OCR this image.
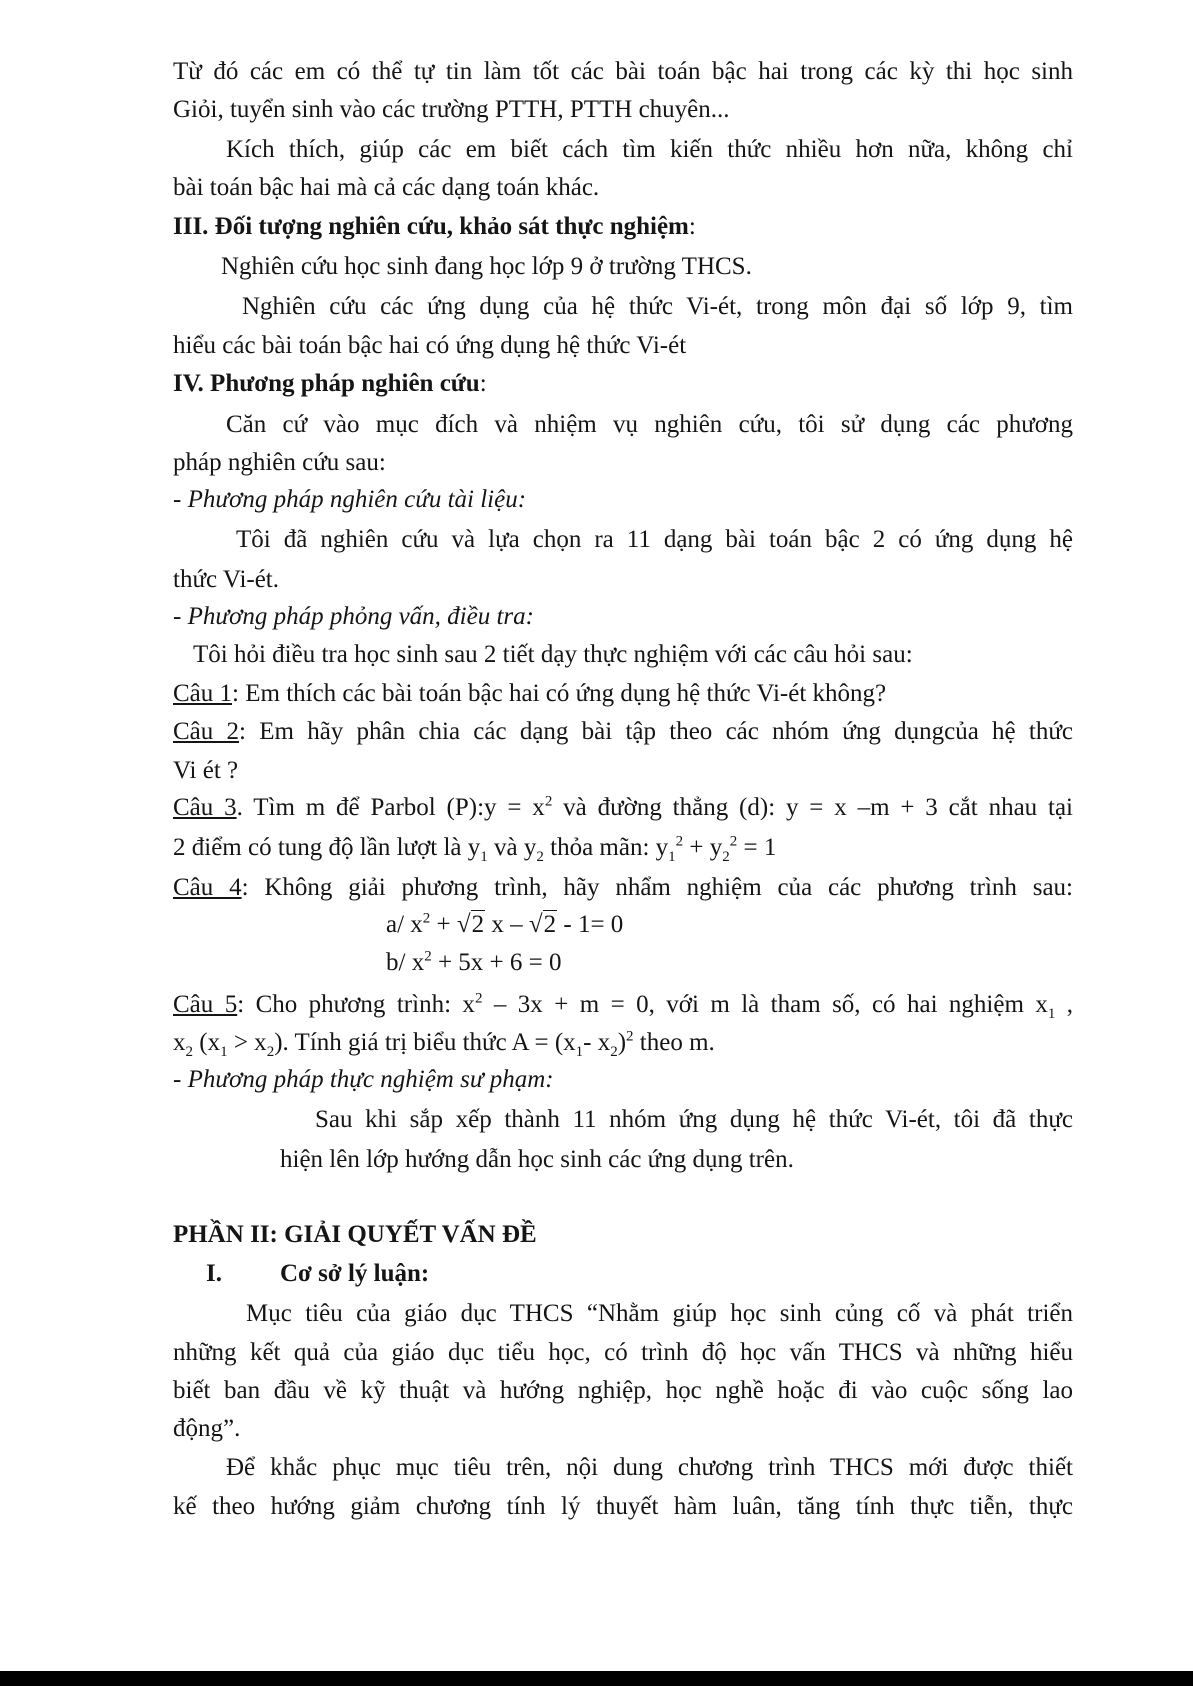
Từ đó các em có thể tự tin làm tốt các bài toán bậc hai trong các kỳ thi học sinh
Giỏi, tuyển sinh vào các trường PTTH, PTTH chuyên...
Kích thích, giúp các em biết cách tìm kiến thức nhiều hơn nữa, không chỉ
bài toán bậc hai mà cả các dạng toán khác.
III. Đối tượng nghiên cứu, khảo sát thực nghiệm:
Nghiên cứu học sinh đang học lớp 9 ở trường THCS.
Nghiên cứu các ứng dụng của hệ thức Vi-ét, trong môn đại số lớp 9, tìm
hiểu các bài toán bậc hai có ứng dụng hệ thức Vi-ét
IV. Phương pháp nghiên cứu:
Căn cứ vào mục đích và nhiệm vụ nghiên cứu, tôi sử dụng các phương
pháp nghiên cứu sau:
- Phương pháp nghiên cứu tài liệu:
Tôi đã nghiên cứu và lựa chọn ra 11 dạng bài toán bậc 2 có ứng dụng hệ
thức Vi-ét.
- Phương pháp phỏng vấn, điều tra:
Tôi hỏi điều tra học sinh sau 2 tiết dạy thực nghiệm với các câu hỏi sau:
Câu 1: Em thích các bài toán bậc hai có ứng dụng hệ thức Vi-ét không?
Câu 2: Em hãy phân chia các dạng bài tập theo các nhóm ứng dụngcủa hệ thức
Vi ét ?
Câu 3. Tìm m để Parbol (P):y = $x^2$ và đường thẳng (d): y = x –m + 3 cắt nhau tại
2 điểm có tung độ lần lượt là $y_1$ và $y_2$ thỏa mãn: $y_1^2 + y_2^2 = 1$
Câu 4: Không giải phương trình, hãy nhẩm nghiệm của các phương trình sau:
a/ $x^2 + √2$ x – √2 - 1= 0
b/ $x^2 + 5x + 6 = 0$
Câu 5: Cho phương trình: $x^2 - 3x + m = 0$, với m là tham số, có hai nghiệm $x_1$ ,
$x_2$ $(x_1 > x_2)$. Tính giá trị biểu thức $A = (x_1-$ $x_2)^2$ theo m.
- Phương pháp thực nghiệm sư phạm:
Sau khi sắp xếp thành 11 nhóm ứng dụng hệ thức Vi-ét, tôi đã thực
hiện lên lớp hướng dẫn học sinh các ứng dụng trên.
PHẦN II: GIẢI QUYẾT VẤN ĐỀ
I. Cơ sở lý luận:
Mục tiêu của giáo dục THCS “Nhằm giúp học sinh củng cố và phát triển
những kết quả của giáo dục tiểu học, có trình độ học vấn THCS và những hiểu
biết ban đầu về kỹ thuật và hướng nghiệp, học nghề hoặc đi vào cuộc sống lao
động”.
Để khắc phục mục tiêu trên, nội dung chương trình THCS mới được thiết
kế theo hướng giảm chương tính lý thuyết hàm luân, tăng tính thực tiễn, thực
